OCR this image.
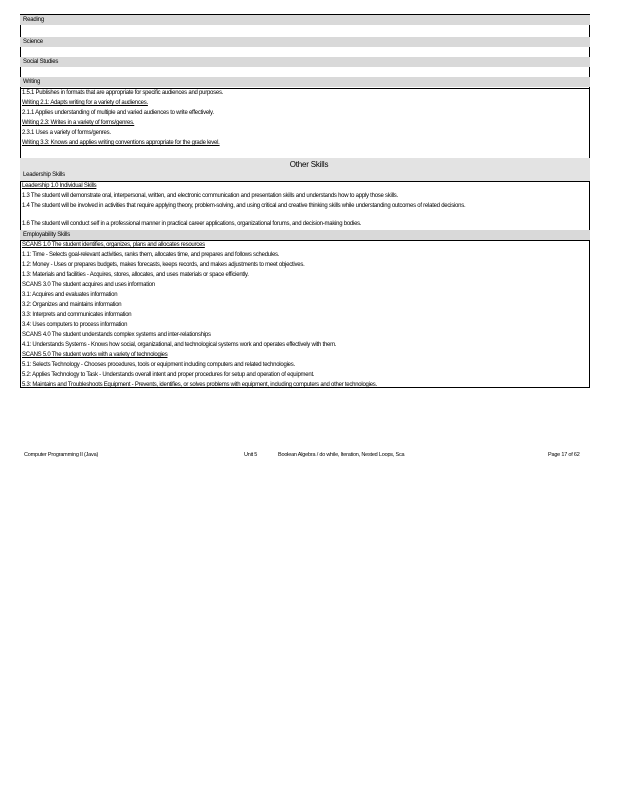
Reading
Science
Social Studies
Writing
1.5.1 Publishes in formats that are appropriate for specific audiences and purposes.
Writing 2.1: Adapts writing for a variety of audiences.
2.1.1 Applies understanding of multiple and varied audiences to write effectively.
Writing 2.3: Writes in a variety of forms/genres.
2.3.1 Uses a variety of forms/genres.
Writing 3.3: Knows and applies writing conventions appropriate for the grade level.
Other Skills
Leadership Skills
Leadership 1.0 Individual Skills
1.3 The student will demonstrate oral, interpersonal, written, and electronic communication and presentation skills and understands how to apply those skills.
1.4 The student will be involved in activities that require applying theory, problem-solving, and using critical and creative thinking skills while understanding outcomes of related decisions.
1.6 The student will conduct self in a professional manner in practical career applications, organizational forums, and decision-making bodies.
Employability Skills
SCANS 1.0 The student identifies, organizes, plans and allocates resources
1.1: Time - Selects goal-relevant activities, ranks them, allocates time, and prepares and follows schedules.
1.2: Money - Uses or prepares budgets, makes forecasts, keeps records, and makes adjustments to meet objectives.
1.3: Materials and facilities - Acquires, stores, allocates, and uses materials or space efficiently.
SCANS 3.0 The student acquires and uses information
3.1: Acquires and evaluates information
3.2: Organizes and maintains information
3.3: Interprets and communicates information
3.4: Uses computers to process information
SCANS 4.0 The student understands complex systems and inter-relationships
4.1: Understands Systems - Knows how social, organizational, and technological systems work and operates effectively with them.
SCANS 5.0 The student works with a variety of technologies
5.1: Selects Technology - Chooses procedures, tools or equipment including computers and related technologies.
5.2: Applies Technology to Task - Understands overall intent and proper procedures for setup and operation of equipment.
5.3: Maintains and Troubleshoots Equipment - Prevents, identifies, or solves problems with equipment, including computers and other technologies.
Computer Programming II (Java)	Unit 5	Boolean Algebra / do while, Iteration, Nested Loops, Sca	Page 17 of 62
